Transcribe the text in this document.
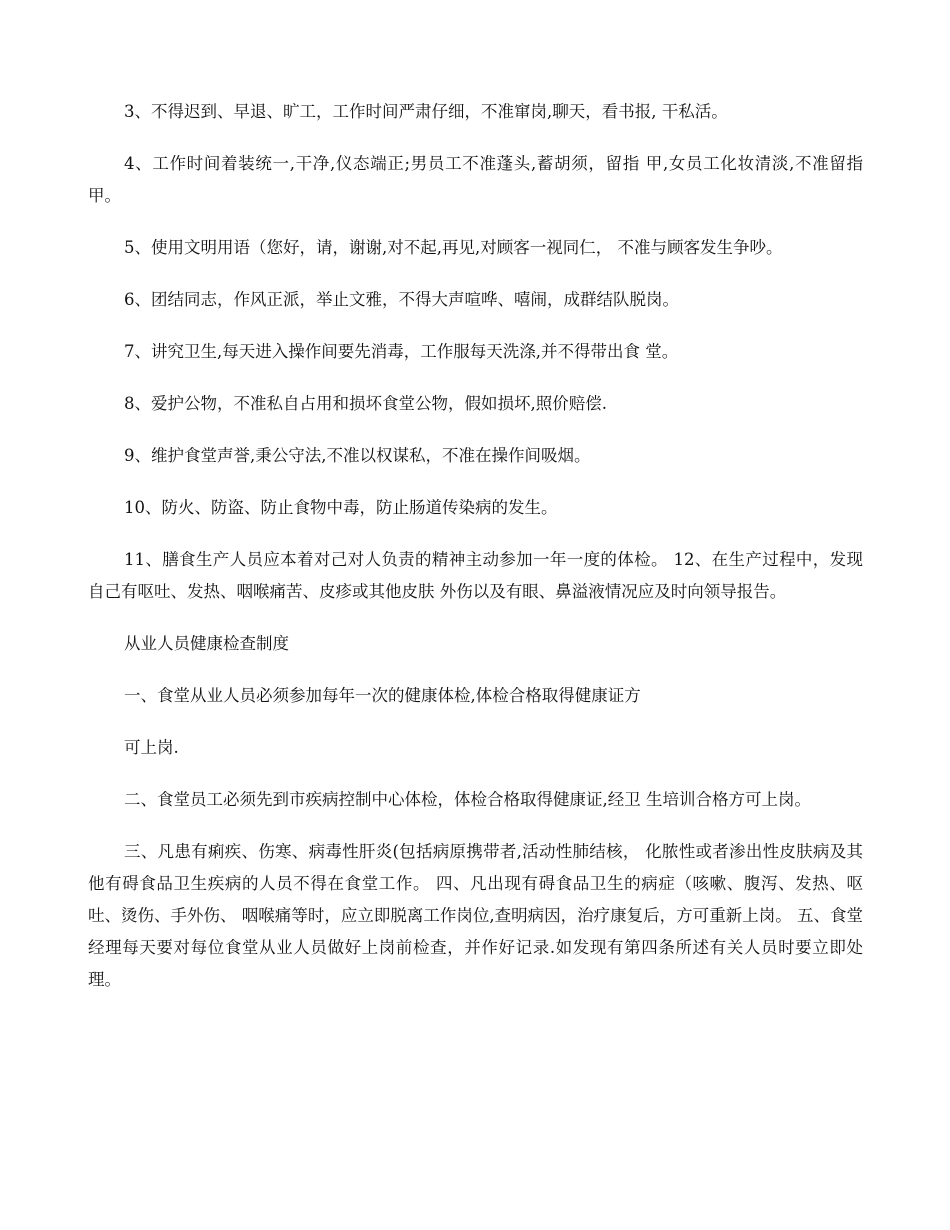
3、不得迟到、早退、旷工，工作时间严肃仔细，不准窜岗,聊天，看书报, 干私活。

4、工作时间着装统一,干净,仪态端正;男员工不准蓬头,蓄胡须，留指 甲,女员工化妆清淡,不准留指甲。

5、使用文明用语（您好，请，谢谢,对不起,再见,对顾客一视同仁， 不准与顾客发生争吵。

6、团结同志，作风正派，举止文雅，不得大声喧哗、嘻闹，成群结队脱岗。

7、讲究卫生,每天进入操作间要先消毒，工作服每天洗涤,并不得带出食 堂。

8、爱护公物，不准私自占用和损坏食堂公物，假如损坏,照价赔偿.

9、维护食堂声誉,秉公守法,不准以权谋私，不准在操作间吸烟。

10、防火、防盗、防止食物中毒，防止肠道传染病的发生。

11、膳食生产人员应本着对己对人负责的精神主动参加一年一度的体检。 12、在生产过程中，发现自己有呕吐、发热、咽喉痛苦、皮疹或其他皮肤 外伤以及有眼、鼻溢液情况应及时向领导报告。

从业人员健康检查制度

一、食堂从业人员必须参加每年一次的健康体检,体检合格取得健康证方

可上岗.

二、食堂员工必须先到市疾病控制中心体检，体检合格取得健康证,经卫 生培训合格方可上岗。

三、凡患有痢疾、伤寒、病毒性肝炎(包括病原携带者,活动性肺结核， 化脓性或者渗出性皮肤病及其他有碍食品卫生疾病的人员不得在食堂工作。 四、凡出现有碍食品卫生的病症（咳嗽、腹泻、发热、呕吐、烫伤、手外伤、 咽喉痛等时，应立即脱离工作岗位,查明病因，治疗康复后，方可重新上岗。 五、食堂经理每天要对每位食堂从业人员做好上岗前检查，并作好记录.如发现有第四条所述有关人员时要立即处理。
